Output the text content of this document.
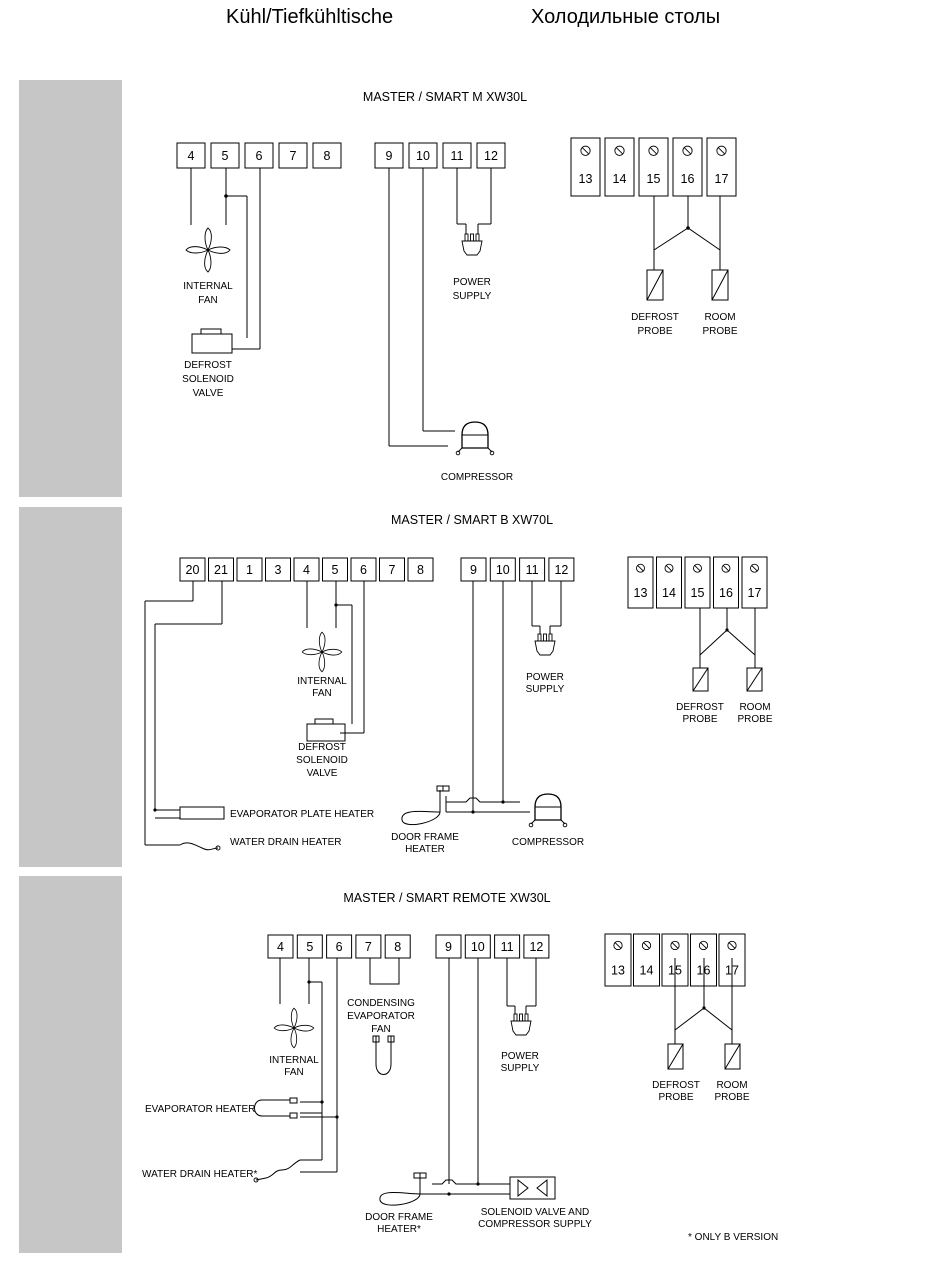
Kühl/Tiefkühltische	Холодильные столы
MASTER / SMART M XW30L
4 5 6 7 8	9 10 11 12
13 14 15 16 17
INTERNAL
FAN
DEFROST
SOLENOID
VALVE
POWER
SUPPLY
COMPRESSOR
DEFROST
PROBE
ROOM
PROBE
MASTER / SMART B XW70L
20 21 1 3 4 5 6 7 8	9 10 11 12
13 14 15 16 17
INTERNAL
FAN
DEFROST
SOLENOID
VALVE
POWER
SUPPLY
DEFROST
PROBE
ROOM
PROBE
DOOR FRAME
HEATER
COMPRESSOR
EVAPORATOR PLATE HEATER
WATER DRAIN HEATER
MASTER / SMART REMOTE XW30L
4 5 6 7 8	9 10 11 12
13 14 15 16 17
INTERNAL
FAN
CONDENSING
EVAPORATOR
FAN
POWER
SUPPLY
DEFROST
PROBE
ROOM
PROBE
DOOR FRAME
HEATER*
SOLENOID VALVE AND
COMPRESSOR SUPPLY
EVAPORATOR HEATER
WATER DRAIN HEATER*
* ONLY B VERSION
